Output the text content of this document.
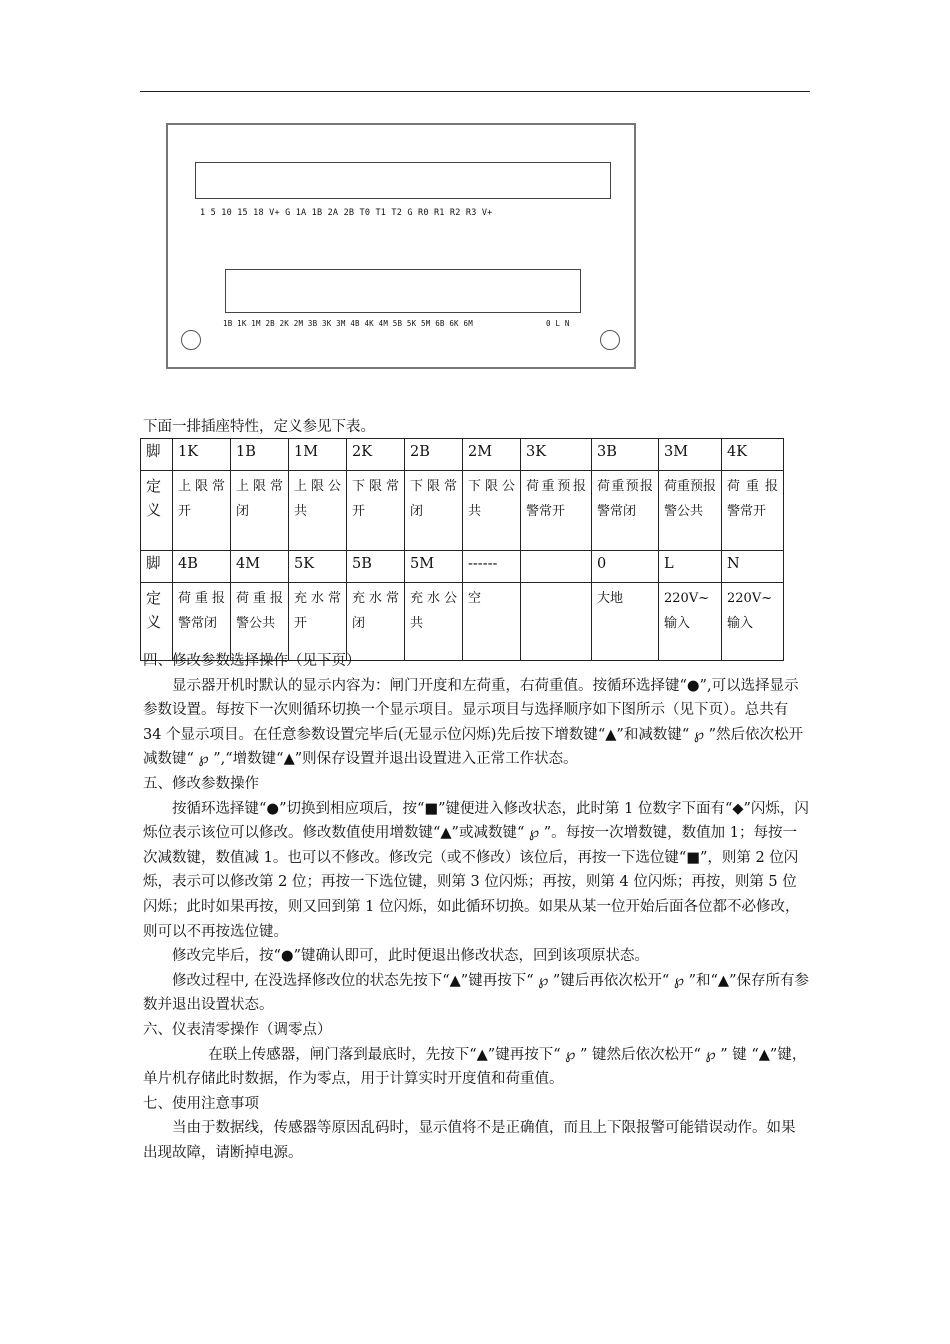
1 5 10 15 18 V+ G 1A 1B 2A 2B T0 T1 T2 G R0 R1 R2 R3 V+
1B 1K 1M 2B 2K 2M 3B 3K 3M 4B 4K 4M 5B 5K 5M 6B 6K 6M	0 L N
下面一排插座特性，定义参见下表。
脚	1K	1B	1M	2K	2B	2M	3K	3B	3M	4K
定义	上限常开	上限常闭	上限公共	下限常开	下限常闭	下限公共	荷重预报警常开	荷重预报警常闭	荷重预报警公共	荷重报警常开
脚	4B	4M	5K	5B	5M	------		0	L	N
定义	荷重报警常闭	荷重报警公共	充水常开	充水常闭	充水公共	空		大地	220V~输入	220V~输入

四、修改参数选择操作（见下页）

显示器开机时默认的显示内容为：闸门开度和左荷重，右荷重值。按循环选择键“●”,可以选择显示参数设置。每按下一次则循环切换一个显示项目。显示项目与选择顺序如下图所示（见下页）。总共有 34 个显示项目。在任意参数设置完毕后(无显示位闪烁)先后按下增数键“▲”和减数键“ ℘ ”然后依次松开减数键“ ℘ ”,“增数键“▲”则保存设置并退出设置进入正常工作状态。

五、修改参数操作

按循环选择键“●”切换到相应项后，按“■”键便进入修改状态，此时第 1 位数字下面有“◆”闪烁，闪烁位表示该位可以修改。修改数值使用增数键“▲”或减数键“ ℘ ”。每按一次增数键，数值加 1；每按一次减数键，数值减 1。也可以不修改。修改完（或不修改）该位后，再按一下选位键“■”，则第 2 位闪烁，表示可以修改第 2 位；再按一下选位键，则第 3 位闪烁；再按，则第 4 位闪烁；再按，则第 5 位闪烁；此时如果再按，则又回到第 1 位闪烁，如此循环切换。如果从某一位开始后面各位都不必修改，则可以不再按选位键。

修改完毕后，按“●”键确认即可，此时便退出修改状态，回到该项原状态。

修改过程中, 在没选择修改位的状态先按下“▲”键再按下“ ℘ ”键后再依次松开“ ℘ ”和“▲”保存所有参数并退出设置状态。

六、仪表清零操作（调零点）

在联上传感器，闸门落到最底时，先按下“▲”键再按下“ ℘ ” 键然后依次松开“ ℘ ” 键 “▲”键，单片机存储此时数据，作为零点，用于计算实时开度值和荷重值。

七、使用注意事项

当由于数据线，传感器等原因乱码时，显示值将不是正确值，而且上下限报警可能错误动作。如果出现故障，请断掉电源。
